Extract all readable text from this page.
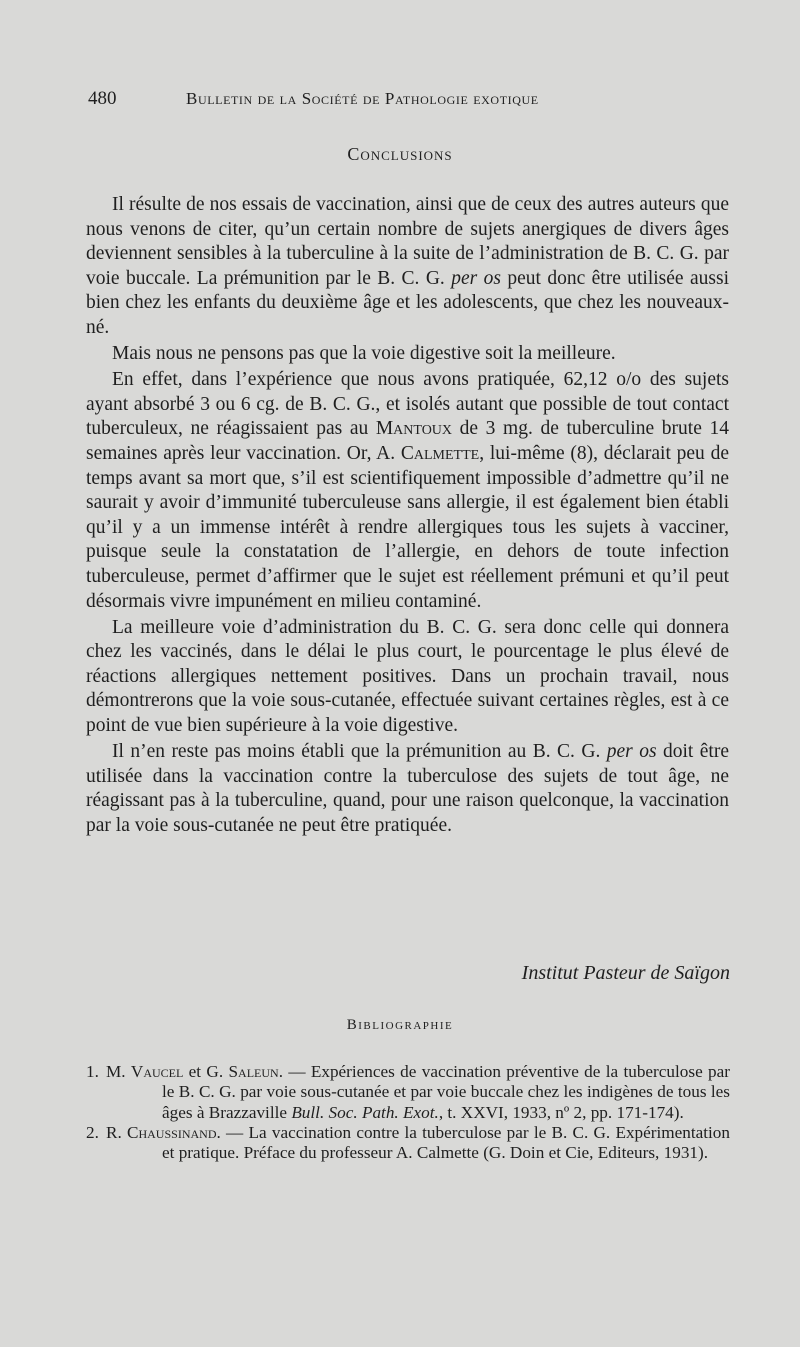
480	Bulletin de la Société de Pathologie exotique
Conclusions

Il résulte de nos essais de vaccination, ainsi que de ceux des autres auteurs que nous venons de citer, qu’un certain nombre de sujets anergiques de divers âges deviennent sensibles à la tuberculine à la suite de l’administration de B. C. G. par voie buccale. La prémunition par le B. C. G. per os peut donc être utilisée aussi bien chez les enfants du deuxième âge et les adolescents, que chez les nouveaux-né.

Mais nous ne pensons pas que la voie digestive soit la meilleure.

En effet, dans l’expérience que nous avons pratiquée, 62,12 o/o des sujets ayant absorbé 3 ou 6 cg. de B. C. G., et isolés autant que possible de tout contact tuberculeux, ne réagissaient pas au Mantoux de 3 mg. de tuberculine brute 14 semaines après leur vaccination. Or, A. Calmette, lui-même (8), déclarait peu de temps avant sa mort que, s’il est scientifiquement impossible d’admettre qu’il ne saurait y avoir d’immunité tuberculeuse sans allergie, il est également bien établi qu’il y a un immense intérêt à rendre allergiques tous les sujets à vacciner, puisque seule la constatation de l’allergie, en dehors de toute infection tuberculeuse, permet d’affirmer que le sujet est réellement prémuni et qu’il peut désormais vivre impunément en milieu contaminé.

La meilleure voie d’administration du B. C. G. sera donc celle qui donnera chez les vaccinés, dans le délai le plus court, le pourcentage le plus élevé de réactions allergiques nettement positives. Dans un prochain travail, nous démontrerons que la voie sous-cutanée, effectuée suivant certaines règles, est à ce point de vue bien supérieure à la voie digestive.

Il n’en reste pas moins établi que la prémunition au B. C. G. per os doit être utilisée dans la vaccination contre la tuberculose des sujets de tout âge, ne réagissant pas à la tuberculine, quand, pour une raison quelconque, la vaccination par la voie sous-cutanée ne peut être pratiquée.

Institut Pasteur de Saïgon
Bibliographie
1. M. Vaucel et G. Saleun. — Expériences de vaccination préventive de la tuberculose par le B. C. G. par voie sous-cutanée et par voie buccale chez les indigènes de tous les âges à Brazzaville Bull. Soc. Path. Exot., t. XXVI, 1933, nº 2, pp. 171-174).
2. R. Chaussinand. — La vaccination contre la tuberculose par le B. C. G. Expérimentation et pratique. Préface du professeur A. Calmette (G. Doin et Cie, Editeurs, 1931).
